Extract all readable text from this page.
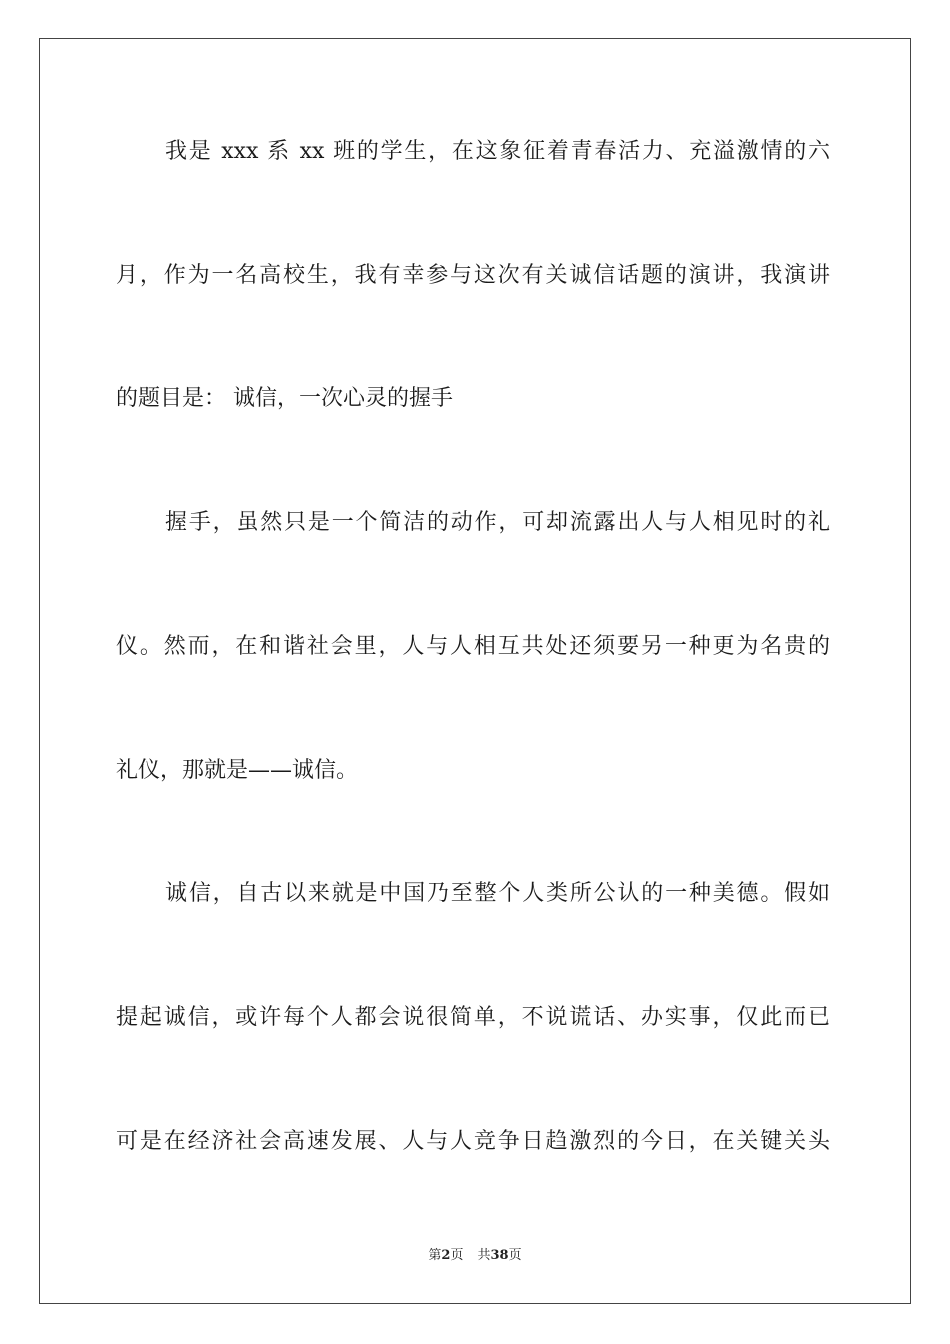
我是 xxx 系 xx 班的学生，在这象征着青春活力、充溢激情的六
月，作为一名高校生，我有幸参与这次有关诚信话题的演讲，我演讲
的题目是： 诚信，一次心灵的握手
握手，虽然只是一个简洁的动作，可却流露出人与人相见时的礼
仪。然而，在和谐社会里，人与人相互共处还须要另一种更为名贵的
礼仪，那就是——诚信。
诚信，自古以来就是中国乃至整个人类所公认的一种美德。假如
提起诚信，或许每个人都会说很简单，不说谎话、办实事，仅此而已
可是在经济社会高速发展、人与人竞争日趋激烈的今日，在关键关头
第2页 共38页
